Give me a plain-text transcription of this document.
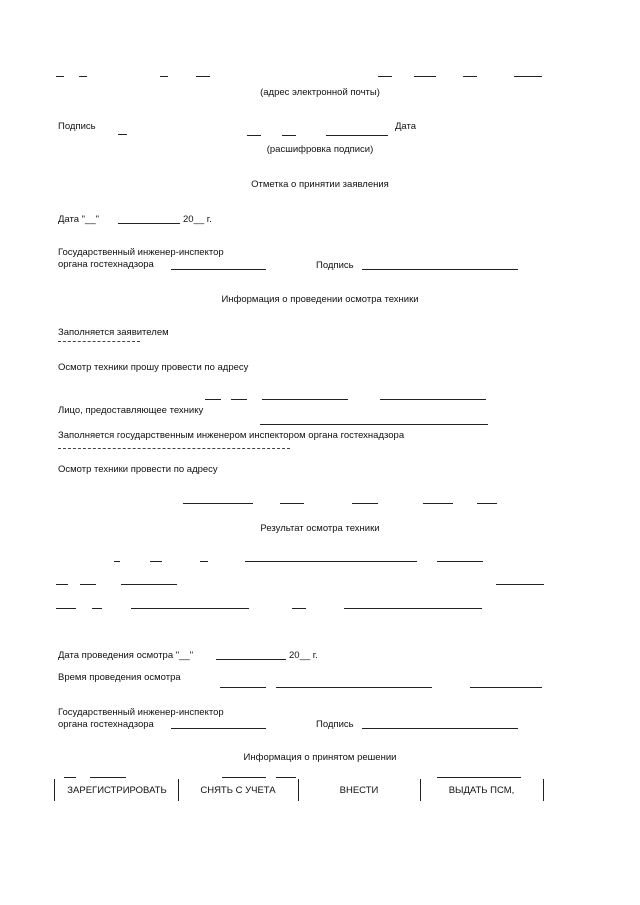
(адрес электронной почты)
Подпись	Дата
(расшифровка подписи)
Отметка о принятии заявления
Дата "__"	20__ г.
Государственный инженер-инспектор
органа гостехнадзора	Подпись
Информация о проведении осмотра техники
Заполняется заявителем
Осмотр техники прошу провести по адресу
Лицо, предоставляющее технику
Заполняется государственным инженером инспектором органа гостехнадзора
Осмотр техники провести по адресу
Результат осмотра техники
Дата проведения осмотра "__"	20__ г.
Время проведения осмотра
Государственный инженер-инспектор
органа гостехнадзора	Подпись
Информация о принятом решении
ЗАРЕГИСТРИРОВАТЬ	СНЯТЬ С УЧЕТА	ВНЕСТИ	ВЫДАТЬ ПСМ,
